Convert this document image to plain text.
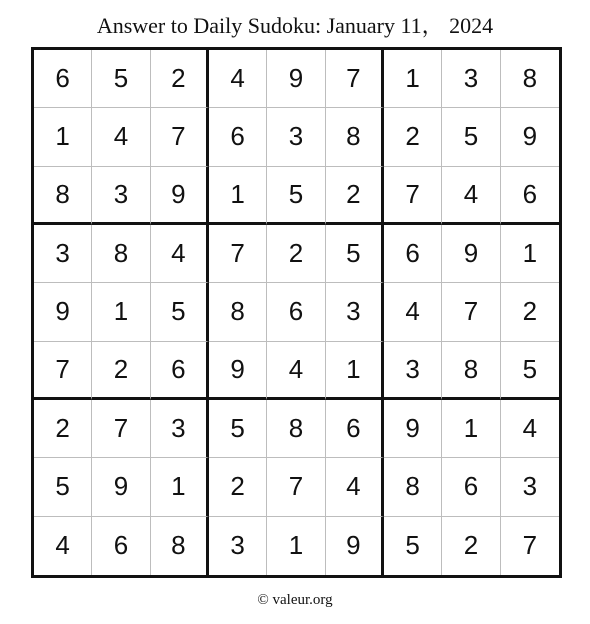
Answer to Daily Sudoku: January 11， 2024
6	5	2	4	9	7	1	3	8
1	4	7	6	3	8	2	5	9
8	3	9	1	5	2	7	4	6
3	8	4	7	2	5	6	9	1
9	1	5	8	6	3	4	7	2
7	2	6	9	4	1	3	8	5
2	7	3	5	8	6	9	1	4
5	9	1	2	7	4	8	6	3
4	6	8	3	1	9	5	2	7
© valeur.org
